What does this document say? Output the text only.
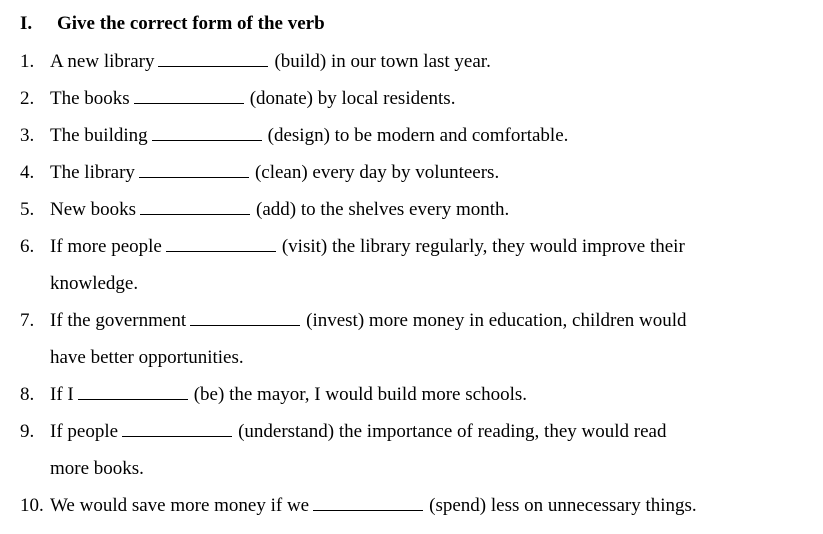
I. Give the correct form of the verb
1. A new library	(build) in our town last year.
2. The books	(donate) by local residents.
3. The building	(design) to be modern and comfortable.
4. The library	(clean) every day by volunteers.
5. New books	(add) to the shelves every month.
6. If more people	(visit) the library regularly, they would improve their
knowledge.
7. If the government	(invest) more money in education, children would
have better opportunities.
8. If I	(be) the mayor, I would build more schools.
9. If people	(understand) the importance of reading, they would read
more books.
10. We would save more money if we	(spend) less on unnecessary things.
